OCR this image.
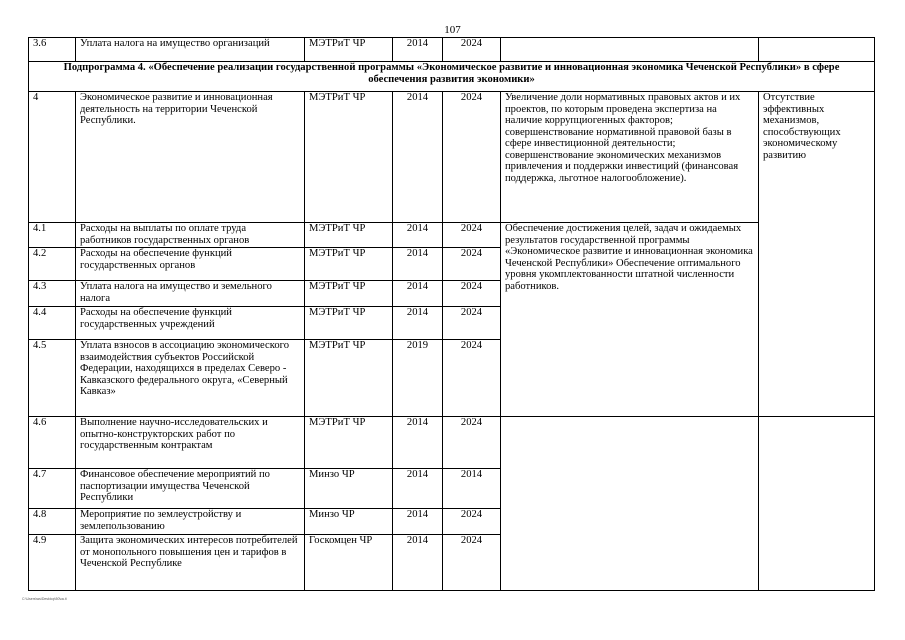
107
3.6	Уплата налога на имущество организаций	МЭТРиТ ЧР	2014	2024		
Подпрограмма 4. «Обеспечение реализации государственной программы «Экономическое развитие и инновационная экономика Чеченской Республики» в сфере обеспечения развития экономики»						
4	Экономическое развитие и инновационная деятельность на территории Чеченской Республики.	МЭТРиТ ЧР	2014	2024	Увеличение доли нормативных правовых актов и их проектов, по которым проведена экспертиза на наличие коррупциогенных факторов; совершенствование нормативной правовой базы в сфере инвестиционной деятельности; совершенствование экономических механизмов привлечения и поддержки инвестиций (финансовая поддержка, льготное налогообложение).	Отсутствие эффективных механизмов, способствующих экономическому развитию
4.1	Расходы на выплаты по оплате труда работников государственных органов	МЭТРиТ ЧР	2014	2024	Обеспечение достижения целей, задач и ожидаемых результатов государственной программы «Экономическое развитие и инновационная экономика Чеченской Республики» Обеспечение оптимального уровня укомплектованности штатной численности работников.	
4.2	Расходы на обеспечение функций государственных органов	МЭТРиТ ЧР	2014	2024		
4.3	Уплата налога на имущество и земельного налога	МЭТРиТ ЧР	2014	2024		
4.4	Расходы на обеспечение функций государственных учреждений	МЭТРиТ ЧР	2014	2024		
4.5	Уплата взносов в ассоциацию экономического взаимодействия субъектов Российской Федерации, находящихся в пределах Северо - Кавказского федерального округа, «Северный Кавказ»	МЭТРиТ ЧР	2019	2024		
4.6	Выполнение научно-исследовательских и опытно-конструкторских работ по государственным контрактам	МЭТРиТ ЧР	2014	2024		
4.7	Финансовое обеспечение мероприятий по паспортизации имущества Чеченской Республики	Минзо ЧР	2014	2014		
4.8	Мероприятие по землеустройству и землепользованию	Минзо ЧР	2014	2024		
4.9	Защита экономических интересов потребителей от монопольного повышения цен и тарифов в Чеченской Республике	Госкомцен ЧР	2014	2024		
С:\Users\ws\Desktop\50\ок.ti
